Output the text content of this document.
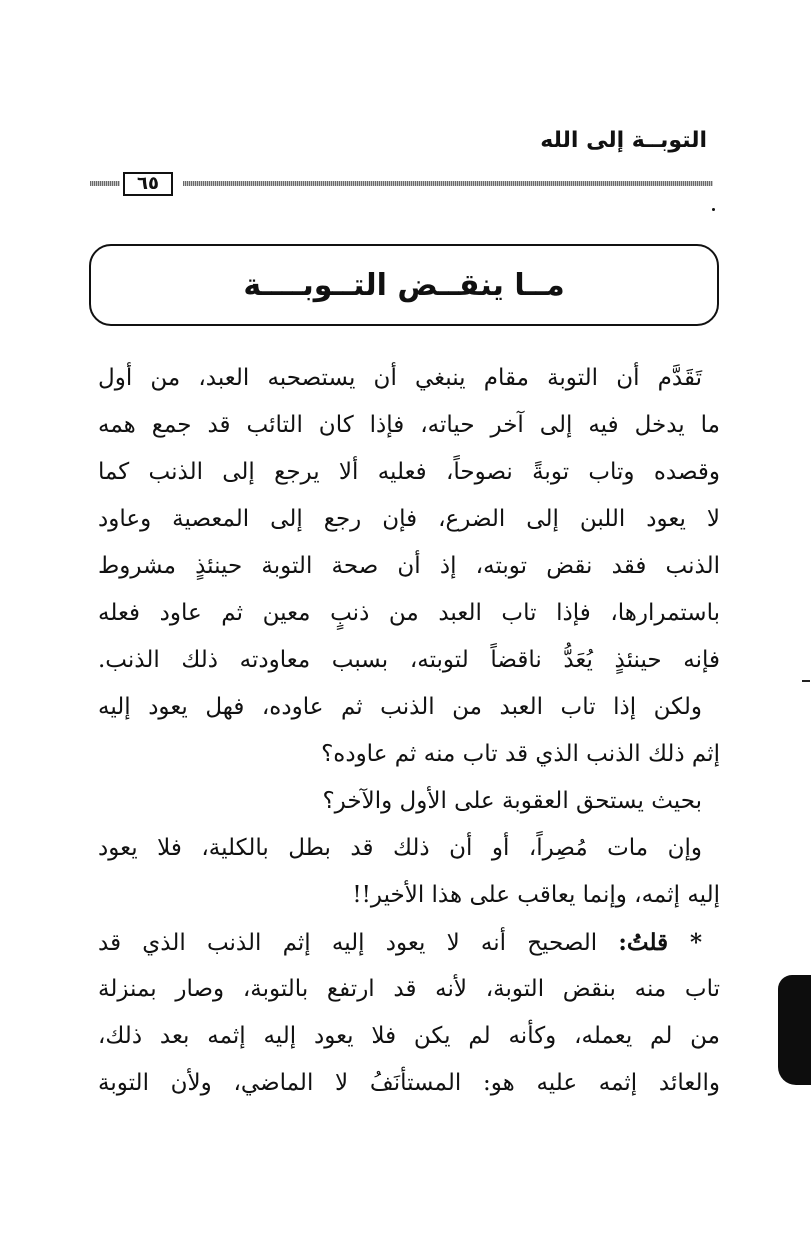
التوبــة إلى الله
٦٥
مــا ينقــض التــوبــــة
تَقَدَّم أن التوبة مقام ينبغي أن يستصحبه العبد، من أول
ما يدخل فيه إلى آخر حياته، فإذا كان التائب قد جمع همه
وقصده وتاب توبةً نصوحاً، فعليه ألا يرجع إلى الذنب كما
لا يعود اللبن إلى الضرع، فإن رجع إلى المعصية وعاود
الذنب فقد نقض توبته، إذ أن صحة التوبة حينئذٍ مشروط
باستمرارها، فإذا تاب العبد من ذنبٍ معين ثم عاود فعله
فإنه حينئذٍ يُعَدُّ ناقضاً لتوبته، بسبب معاودته ذلك الذنب.
ولكن إذا تاب العبد من الذنب ثم عاوده، فهل يعود إليه
إثم ذلك الذنب الذي قد تاب منه ثم عاوده؟
بحيث يستحق العقوبة على الأول والآخر؟
وإن مات مُصِراً، أو أن ذلك قد بطل بالكلية، فلا يعود
إليه إثمه، وإنما يعاقب على هذا الأخير!!
* قلتُ: الصحيح أنه لا يعود إليه إثم الذنب الذي قد
تاب منه بنقض التوبة، لأنه قد ارتفع بالتوبة، وصار بمنزلة
من لم يعمله، وكأنه لم يكن فلا يعود إليه إثمه بعد ذلك،
والعائد إثمه عليه هو: المستأنَفُ لا الماضي، ولأن التوبة
